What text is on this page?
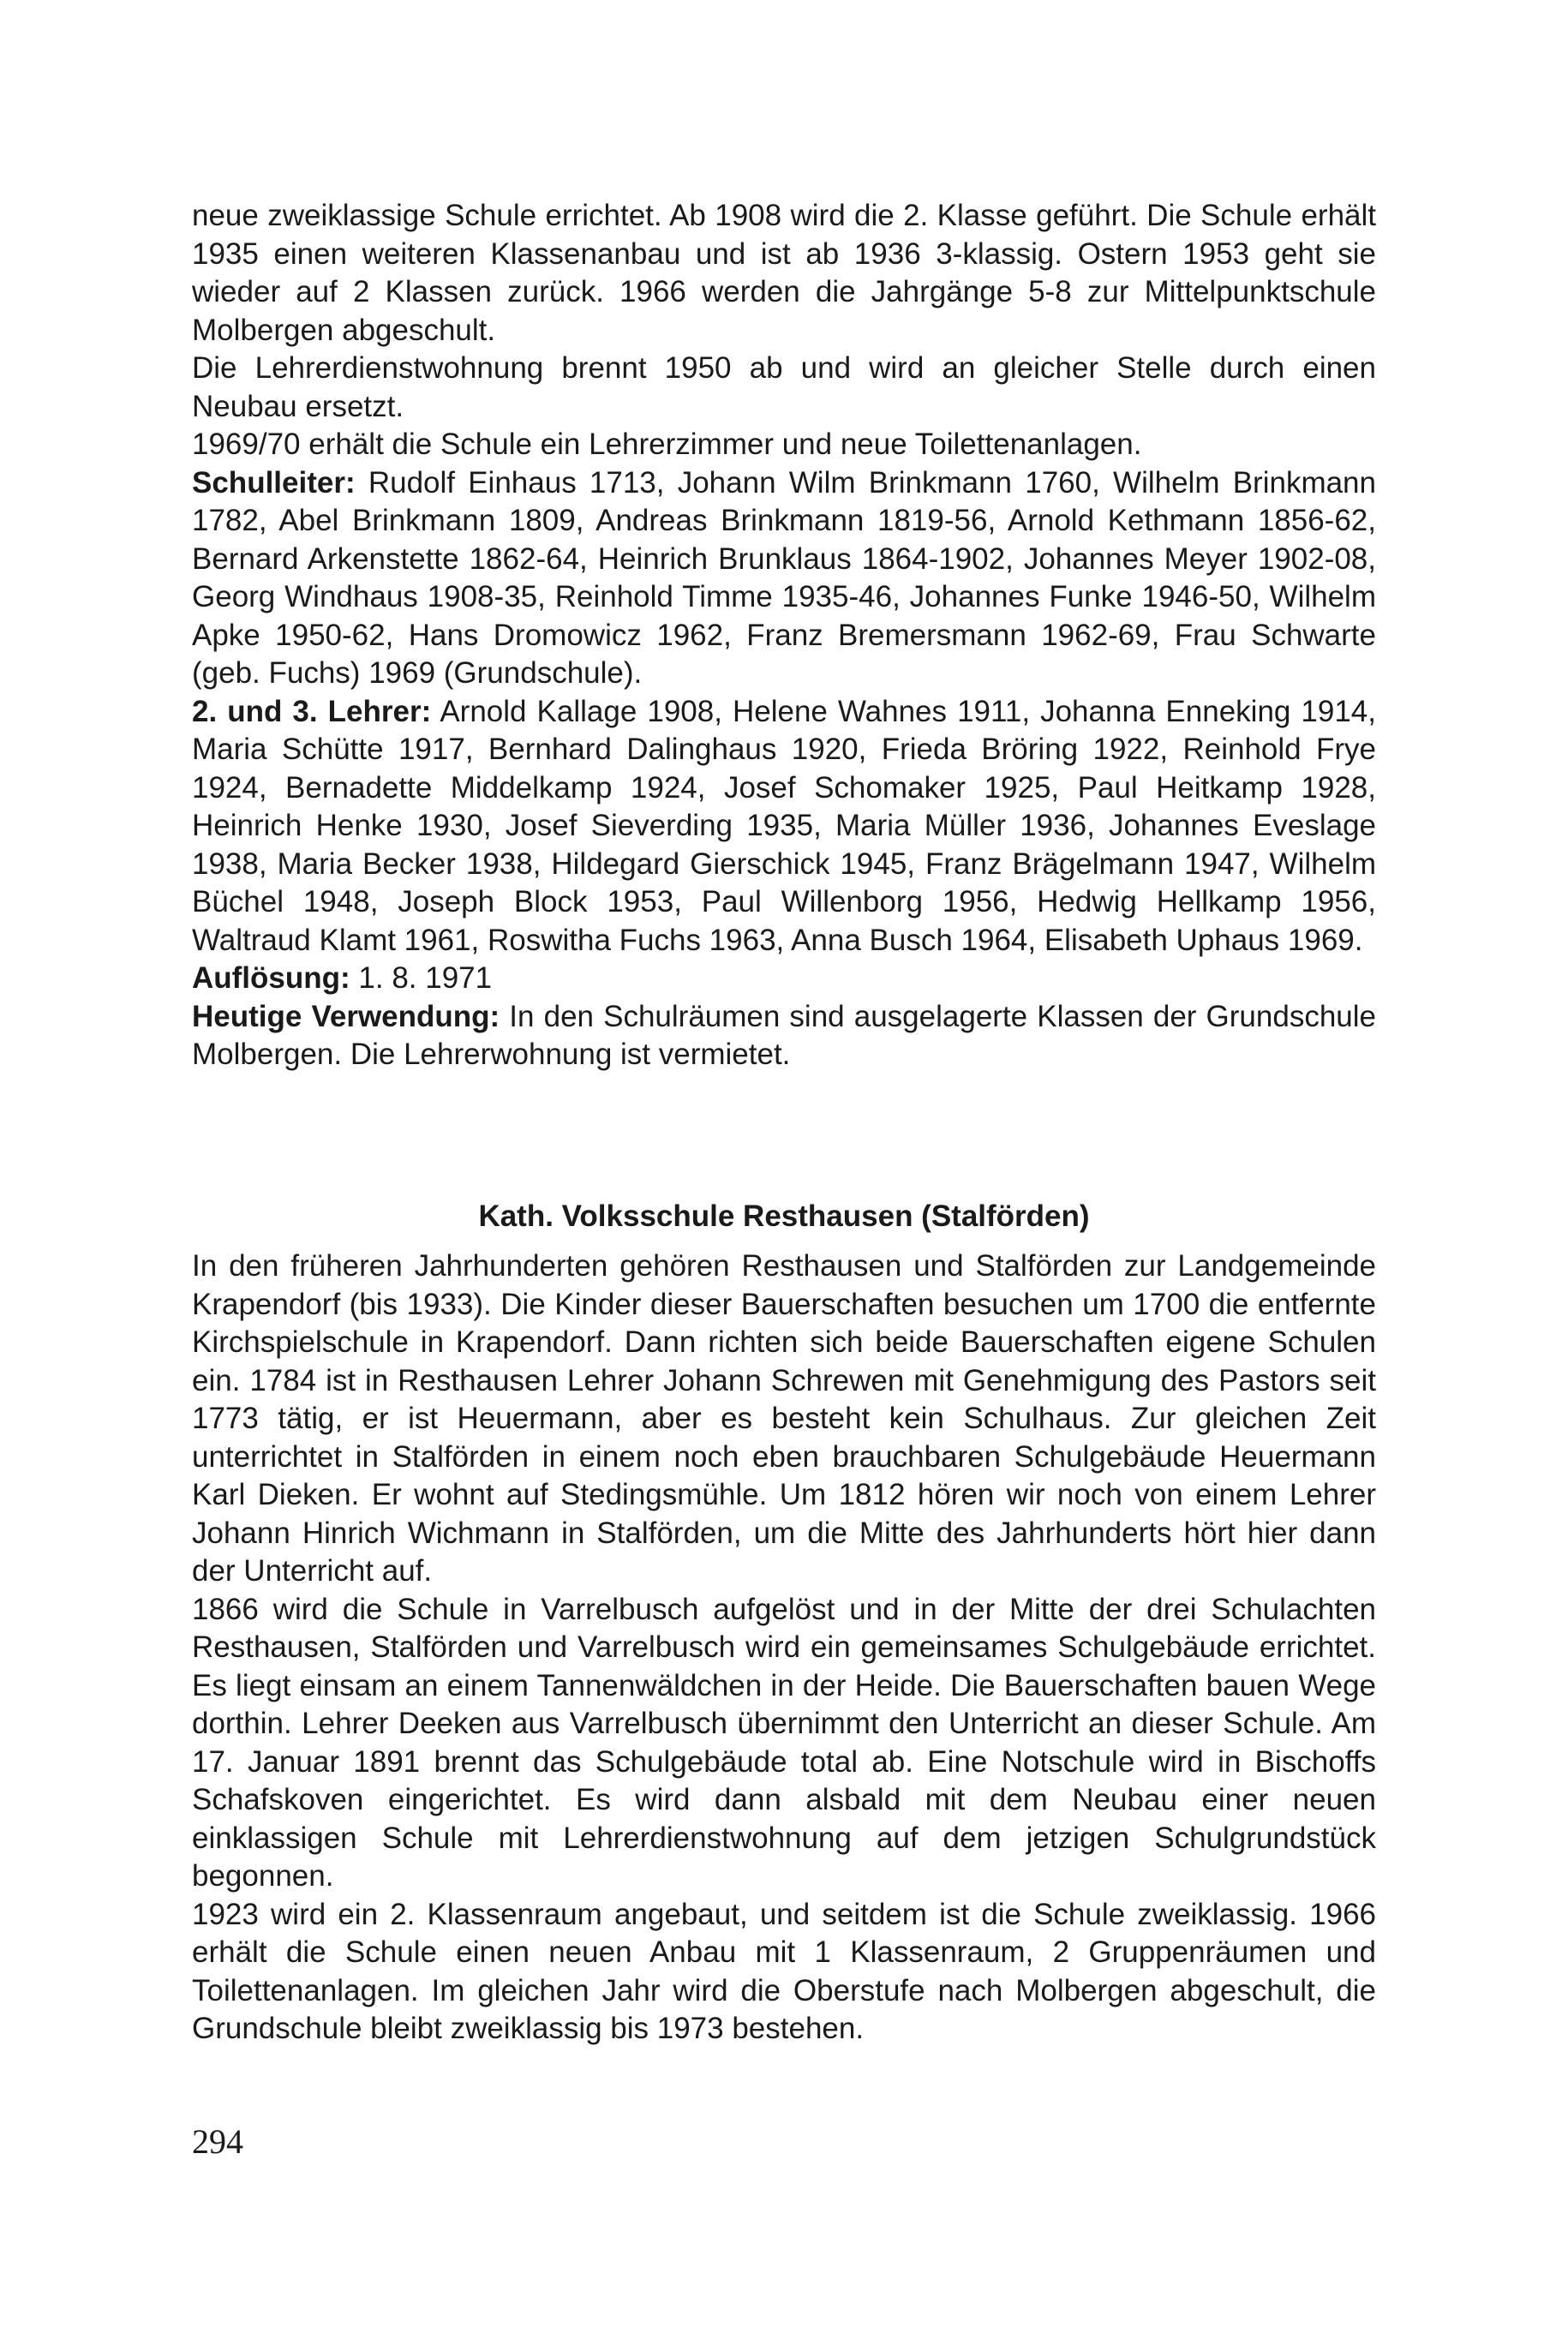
neue zweiklassige Schule errichtet. Ab 1908 wird die 2. Klasse geführt. Die Schule erhält 1935 einen weiteren Klassenanbau und ist ab 1936 3-klassig. Ostern 1953 geht sie wieder auf 2 Klassen zurück. 1966 werden die Jahrgänge 5-8 zur Mittelpunktschule Molbergen abgeschult.

Die Lehrerdienstwohnung brennt 1950 ab und wird an gleicher Stelle durch einen Neubau ersetzt.

1969/70 erhält die Schule ein Lehrerzimmer und neue Toilettenanlagen.

Schulleiter: Rudolf Einhaus 1713, Johann Wilm Brinkmann 1760, Wilhelm Brinkmann 1782, Abel Brinkmann 1809, Andreas Brinkmann 1819-56, Arnold Kethmann 1856-62, Bernard Arkenstette 1862-64, Heinrich Brunklaus 1864-1902, Johannes Meyer 1902-08, Georg Windhaus 1908-35, Reinhold Timme 1935-46, Johannes Funke 1946-50, Wilhelm Apke 1950-62, Hans Dromowicz 1962, Franz Bremersmann 1962-69, Frau Schwarte (geb. Fuchs) 1969 (Grundschule).

2. und 3. Lehrer: Arnold Kallage 1908, Helene Wahnes 1911, Johanna Enneking 1914, Maria Schütte 1917, Bernhard Dalinghaus 1920, Frieda Bröring 1922, Reinhold Frye 1924, Bernadette Middelkamp 1924, Josef Schomaker 1925, Paul Heitkamp 1928, Heinrich Henke 1930, Josef Sieverding 1935, Maria Müller 1936, Johannes Eveslage 1938, Maria Becker 1938, Hildegard Gierschick 1945, Franz Brägelmann 1947, Wilhelm Büchel 1948, Joseph Block 1953, Paul Willenborg 1956, Hedwig Hellkamp 1956, Waltraud Klamt 1961, Roswitha Fuchs 1963, Anna Busch 1964, Elisabeth Uphaus 1969.

Auflösung: 1. 8. 1971

Heutige Verwendung: In den Schulräumen sind ausgelagerte Klassen der Grundschule Molbergen. Die Lehrerwohnung ist vermietet.

Kath. Volksschule Resthausen (Stalförden)

In den früheren Jahrhunderten gehören Resthausen und Stalförden zur Landgemeinde Krapendorf (bis 1933). Die Kinder dieser Bauerschaften besuchen um 1700 die entfernte Kirchspielschule in Krapendorf. Dann richten sich beide Bauerschaften eigene Schulen ein. 1784 ist in Resthausen Lehrer Johann Schrewen mit Genehmigung des Pastors seit 1773 tätig, er ist Heuermann, aber es besteht kein Schulhaus. Zur gleichen Zeit unterrichtet in Stalförden in einem noch eben brauchbaren Schulgebäude Heuermann Karl Dieken. Er wohnt auf Stedingsmühle. Um 1812 hören wir noch von einem Lehrer Johann Hinrich Wichmann in Stalförden, um die Mitte des Jahrhunderts hört hier dann der Unterricht auf.

1866 wird die Schule in Varrelbusch aufgelöst und in der Mitte der drei Schulachten Resthausen, Stalförden und Varrelbusch wird ein gemeinsames Schulgebäude errichtet. Es liegt einsam an einem Tannenwäldchen in der Heide. Die Bauerschaften bauen Wege dorthin. Lehrer Deeken aus Varrelbusch übernimmt den Unterricht an dieser Schule. Am 17. Januar 1891 brennt das Schulgebäude total ab. Eine Notschule wird in Bischoffs Schafskoven eingerichtet. Es wird dann alsbald mit dem Neubau einer neuen einklassigen Schule mit Lehrerdienstwohnung auf dem jetzigen Schulgrundstück begonnen.

1923 wird ein 2. Klassenraum angebaut, und seitdem ist die Schule zweiklassig. 1966 erhält die Schule einen neuen Anbau mit 1 Klassenraum, 2 Gruppenräumen und Toilettenanlagen. Im gleichen Jahr wird die Oberstufe nach Molbergen abgeschult, die Grundschule bleibt zweiklassig bis 1973 bestehen.

294
